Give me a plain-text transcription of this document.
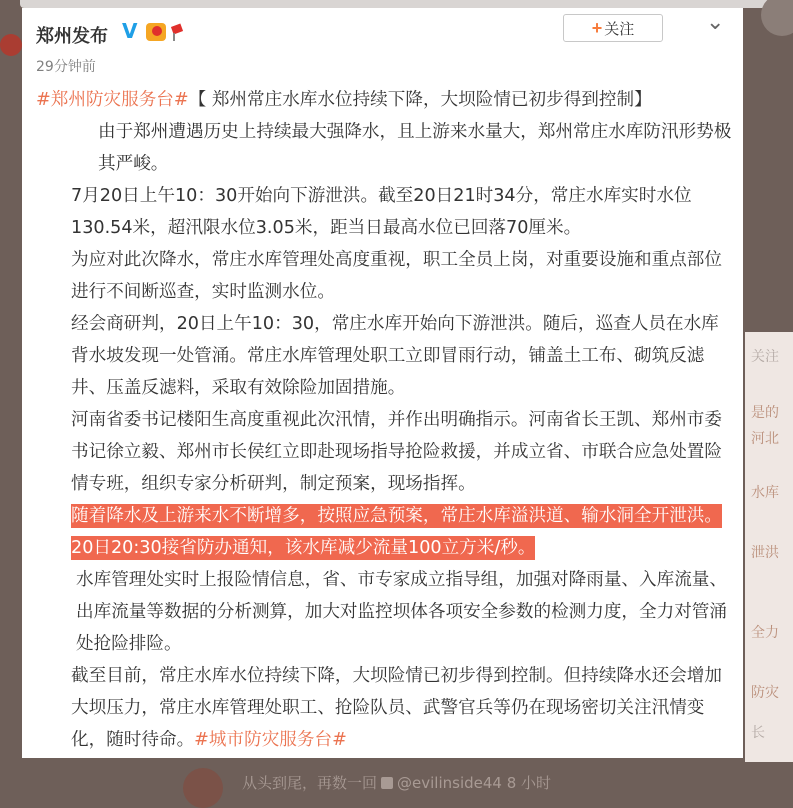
关注
是的
河北
水库
泄洪
全力
防灾
长
从头到尾，再数一回 @evilinside44 8 小时
⌄
郑州发布 V
29分钟前
+ 关注

#郑州防灾服务台#【 郑州常庄水库水位持续下降，大坝险情已初步得到控制】

由于郑州遭遇历史上持续最大强降水，且上游来水量大，郑州常庄水库防汛形势极其严峻。

7月20日上午10：30开始向下游泄洪。截至20日21时34分，常庄水库实时水位130.54米，超汛限水位3.05米，距当日最高水位已回落70厘米。

为应对此次降水，常庄水库管理处高度重视，职工全员上岗，对重要设施和重点部位进行不间断巡查，实时监测水位。

经会商研判，20日上午10：30，常庄水库开始向下游泄洪。随后，巡查人员在水库背水坡发现一处管涌。常庄水库管理处职工立即冒雨行动，铺盖土工布、砌筑反滤井、压盖反滤料，采取有效除险加固措施。

河南省委书记楼阳生高度重视此次汛情，并作出明确指示。河南省长王凯、郑州市委书记徐立毅、郑州市长侯红立即赴现场指导抢险救援，并成立省、市联合应急处置险情专班，组织专家分析研判，制定预案，现场指挥。

随着降水及上游来水不断增多，按照应急预案，常庄水库溢洪道、输水洞全开泄洪。20日20:30接省防办通知，该水库减少流量100立方米/秒。

水库管理处实时上报险情信息，省、市专家成立指导组，加强对降雨量、入库流量、出库流量等数据的分析测算，加大对监控坝体各项安全参数的检测力度，全力对管涌处抢险排险。

截至目前，常庄水库水位持续下降，大坝险情已初步得到控制。但持续降水还会增加大坝压力，常庄水库管理处职工、抢险队员、武警官兵等仍在现场密切关注汛情变化，随时待命。#城市防灾服务台#
